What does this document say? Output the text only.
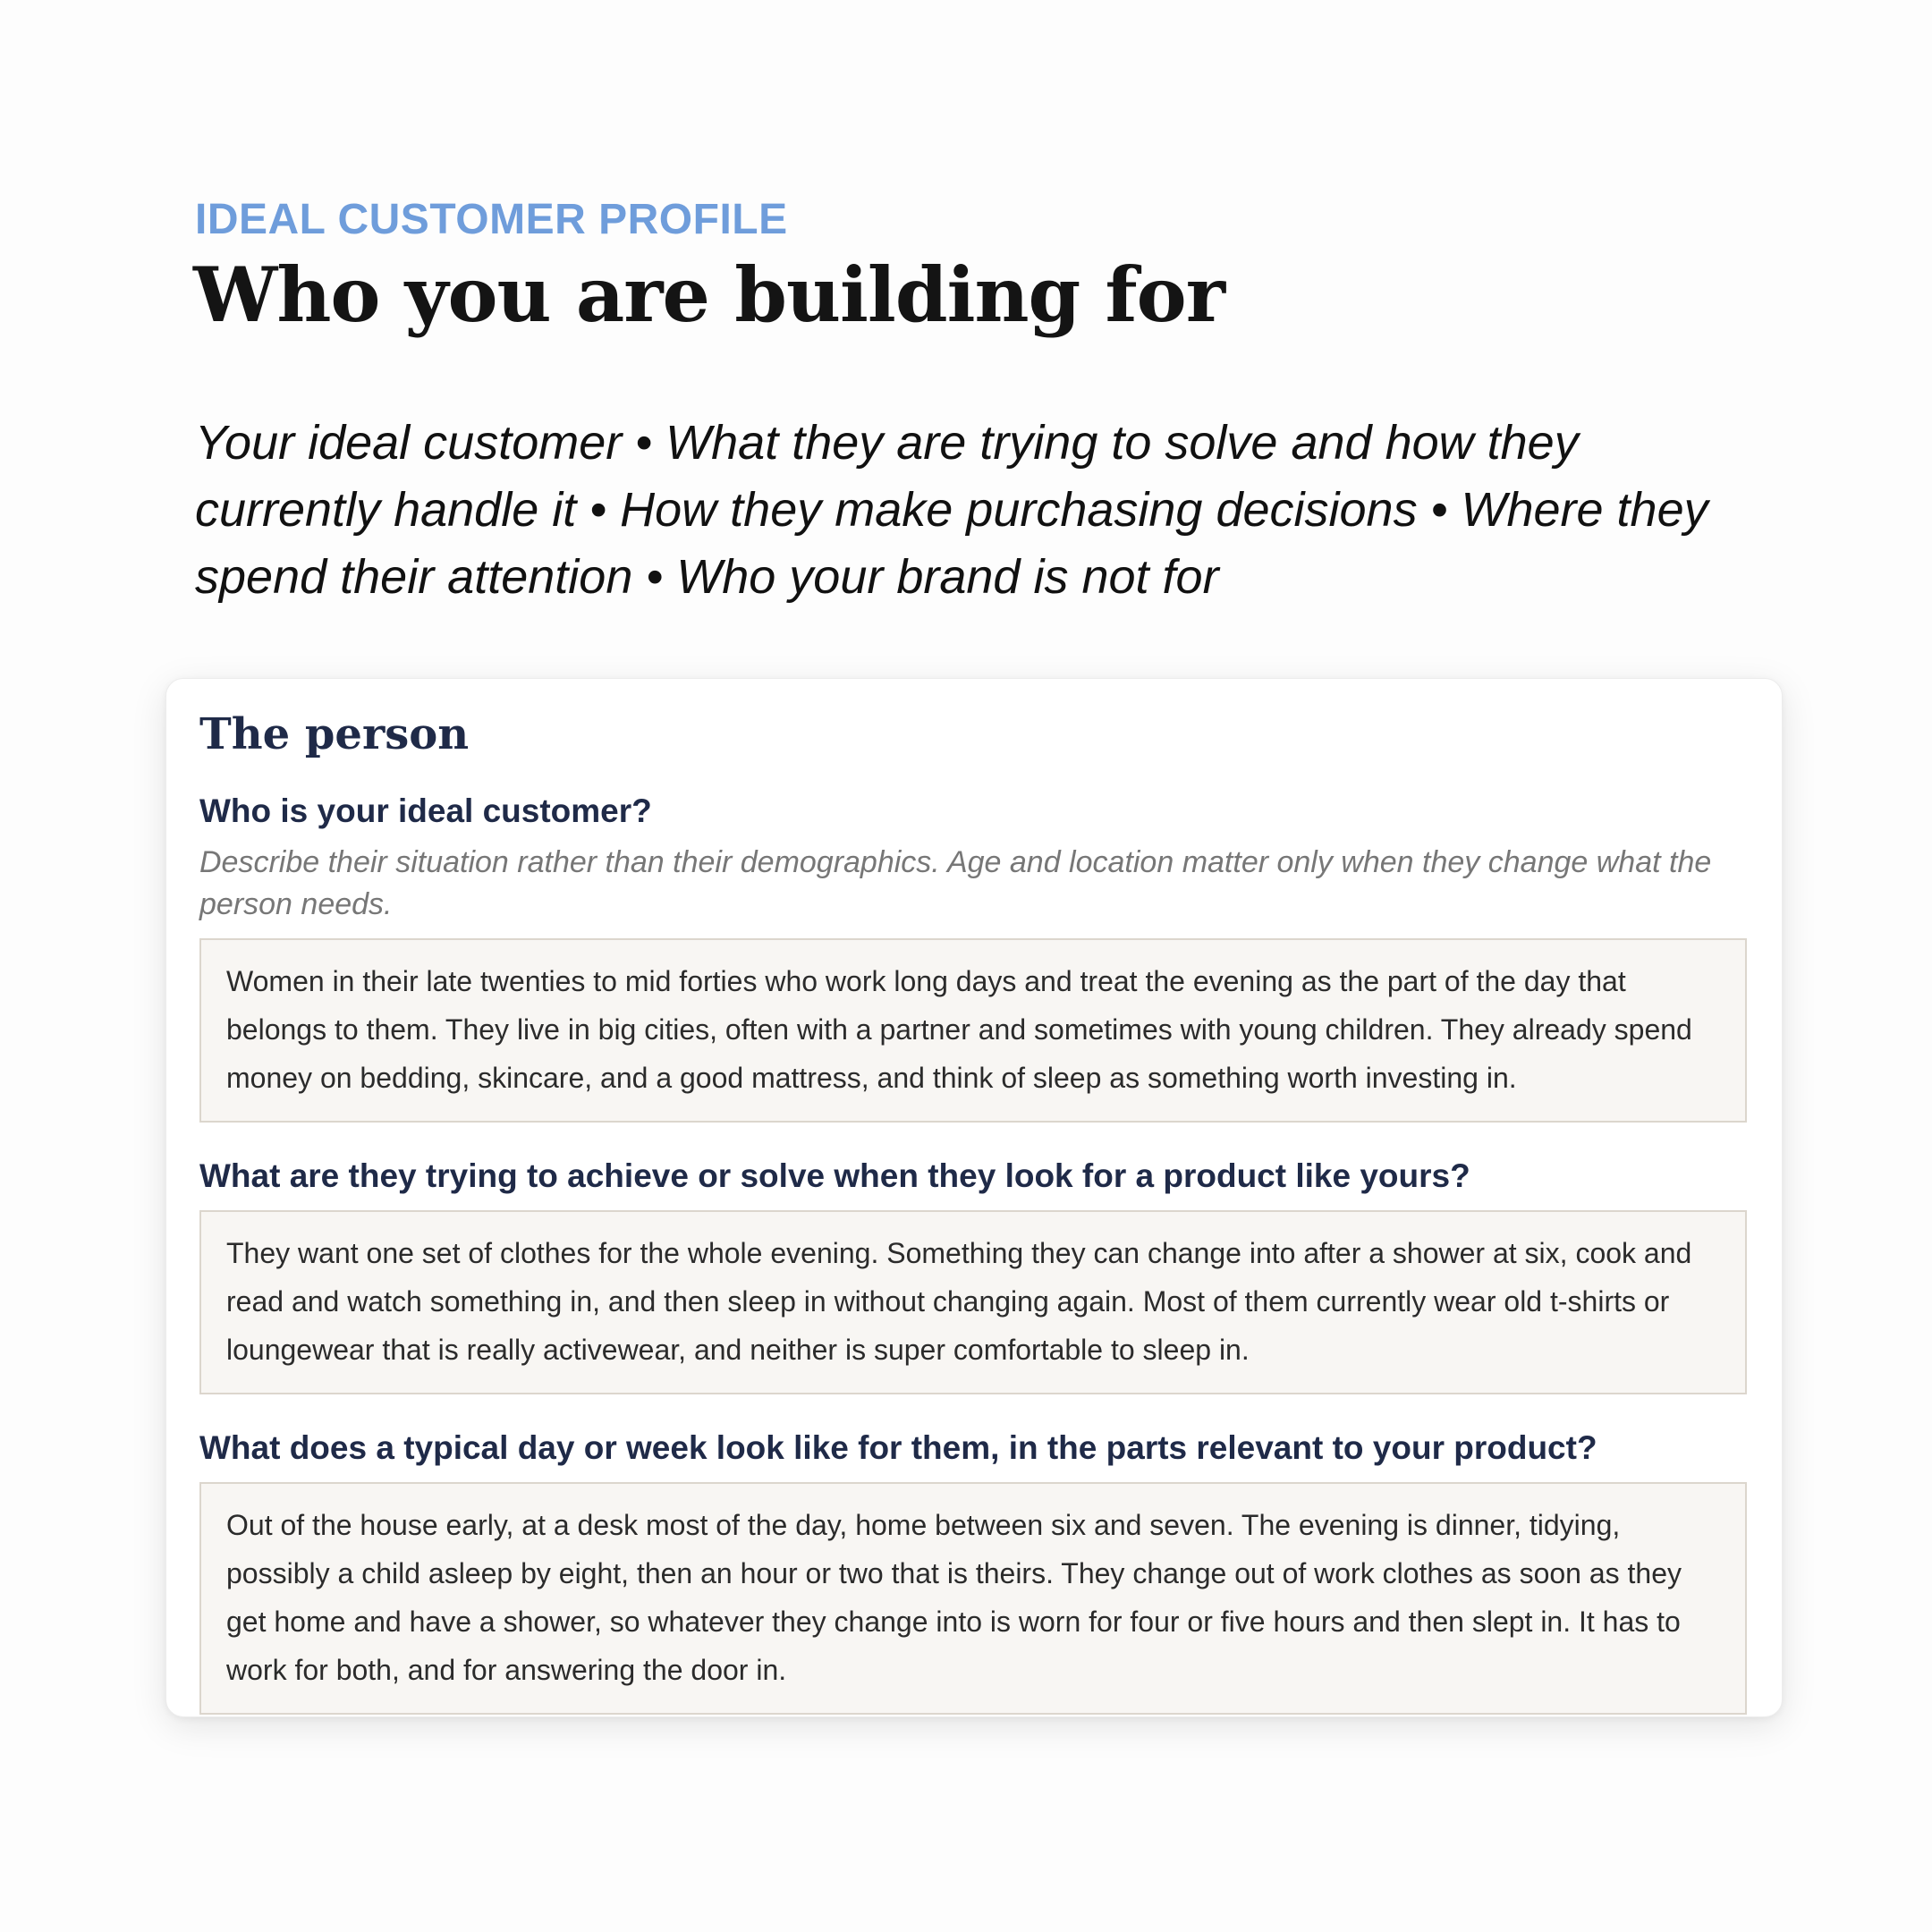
IDEAL CUSTOMER PROFILE
Who you are building for

Your ideal customer • What they are trying to solve and how they currently handle it • How they make purchasing decisions • Where they spend their attention • Who your brand is not for

The person
Who is your ideal customer?

Describe their situation rather than their demographics. Age and location matter only when they change what the person needs.

Women in their late twenties to mid forties who work long days and treat the evening as the part of the day that belongs to them. They live in big cities, often with a partner and sometimes with young children. They already spend money on bedding, skincare, and a good mattress, and think of sleep as something worth investing in.
What are they trying to achieve or solve when they look for a product like yours?
They want one set of clothes for the whole evening. Something they can change into after a shower at six, cook and read and watch something in, and then sleep in without changing again. Most of them currently wear old t-shirts or loungewear that is really activewear, and neither is super comfortable to sleep in.
What does a typical day or week look like for them, in the parts relevant to your product?
Out of the house early, at a desk most of the day, home between six and seven. The evening is dinner, tidying, possibly a child asleep by eight, then an hour or two that is theirs. They change out of work clothes as soon as they get home and have a shower, so whatever they change into is worn for four or five hours and then slept in. It has to work for both, and for answering the door in.
